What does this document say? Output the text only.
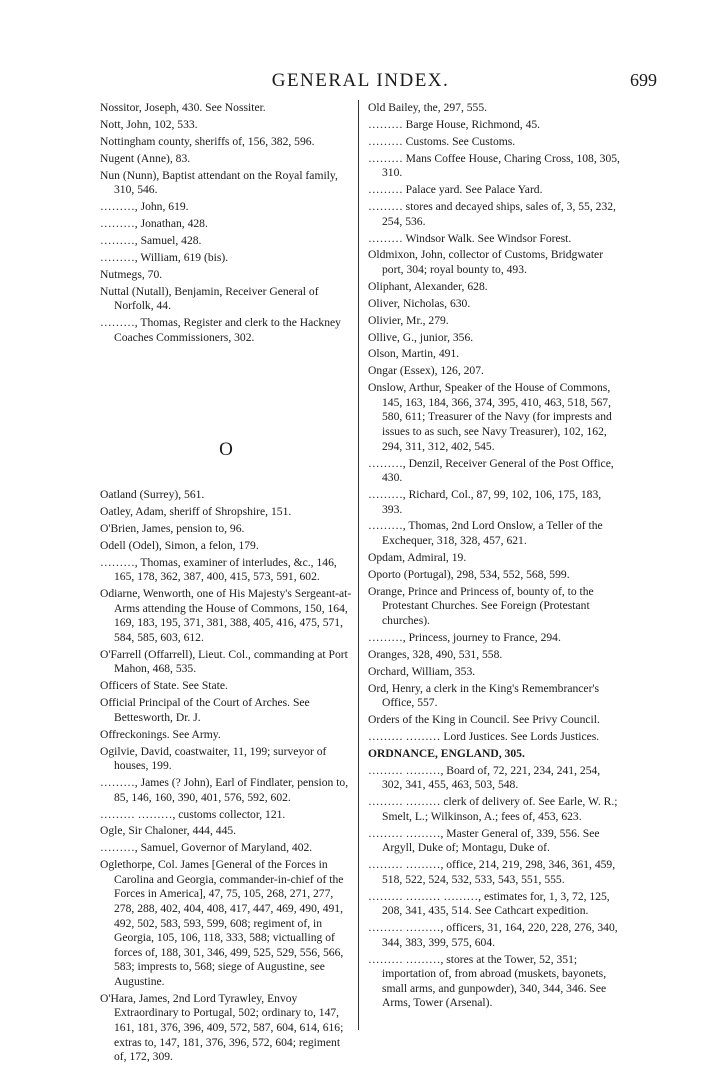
GENERAL INDEX.	699
Nossitor, Joseph, 430. See Nossiter.
Nott, John, 102, 533.
Nottingham county, sheriffs of, 156, 382, 596.
Nugent (Anne), 83.
Nun (Nunn), Baptist attendant on the Royal family, 310, 546.
………, John, 619.
………, Jonathan, 428.
………, Samuel, 428.
………, William, 619 (bis).
Nutmegs, 70.
Nuttal (Nutall), Benjamin, Receiver General of Norfolk, 44.
………, Thomas, Register and clerk to the Hackney Coaches Commissioners, 302.
O
Oatland (Surrey), 561.
Oatley, Adam, sheriff of Shropshire, 151.
O'Brien, James, pension to, 96.
Odell (Odel), Simon, a felon, 179.
………, Thomas, examiner of interludes, &c., 146, 165, 178, 362, 387, 400, 415, 573, 591, 602.
Odiarne, Wenworth, one of His Majesty's Sergeant-at-Arms attending the House of Commons, 150, 164, 169, 183, 195, 371, 381, 388, 405, 416, 475, 571, 584, 585, 603, 612.
O'Farrell (Offarrell), Lieut. Col., commanding at Port Mahon, 468, 535.
Officers of State. See State.
Official Principal of the Court of Arches. See Bettesworth, Dr. J.
Offreckonings. See Army.
Ogilvie, David, coastwaiter, 11, 199; surveyor of houses, 199.
………, James (? John), Earl of Findlater, pension to, 85, 146, 160, 390, 401, 576, 592, 602.
……… ………, customs collector, 121.
Ogle, Sir Chaloner, 444, 445.
………, Samuel, Governor of Maryland, 402.
Oglethorpe, Col. James [General of the Forces in Carolina and Georgia, commander-in-chief of the Forces in America], 47, 75, 105, 268, 271, 277, 278, 288, 402, 404, 408, 417, 447, 469, 490, 491, 492, 502, 583, 593, 599, 608; regiment of, in Georgia, 105, 106, 118, 333, 588; victualling of forces of, 188, 301, 346, 499, 525, 529, 556, 566, 583; imprests to, 568; siege of Augustine, see Augustine.
O'Hara, James, 2nd Lord Tyrawley, Envoy Extraordinary to Portugal, 502; ordinary to, 147, 161, 181, 376, 396, 409, 572, 587, 604, 614, 616; extras to, 147, 181, 376, 396, 572, 604; regiment of, 172, 309.
Old Bailey, the, 297, 555.
……… Barge House, Richmond, 45.
……… Customs. See Customs.
……… Mans Coffee House, Charing Cross, 108, 305, 310.
……… Palace yard. See Palace Yard.
……… stores and decayed ships, sales of, 3, 55, 232, 254, 536.
……… Windsor Walk. See Windsor Forest.
Oldmixon, John, collector of Customs, Bridgwater port, 304; royal bounty to, 493.
Oliphant, Alexander, 628.
Oliver, Nicholas, 630.
Olivier, Mr., 279.
Ollive, G., junior, 356.
Olson, Martin, 491.
Ongar (Essex), 126, 207.
Onslow, Arthur, Speaker of the House of Commons, 145, 163, 184, 366, 374, 395, 410, 463, 518, 567, 580, 611; Treasurer of the Navy (for imprests and issues to as such, see Navy Treasurer), 102, 162, 294, 311, 312, 402, 545.
………, Denzil, Receiver General of the Post Office, 430.
………, Richard, Col., 87, 99, 102, 106, 175, 183, 393.
………, Thomas, 2nd Lord Onslow, a Teller of the Exchequer, 318, 328, 457, 621.
Opdam, Admiral, 19.
Oporto (Portugal), 298, 534, 552, 568, 599.
Orange, Prince and Princess of, bounty of, to the Protestant Churches. See Foreign (Protestant churches).
………, Princess, journey to France, 294.
Oranges, 328, 490, 531, 558.
Orchard, William, 353.
Ord, Henry, a clerk in the King's Remembrancer's Office, 557.
Orders of the King in Council. See Privy Council.
……… ……… Lord Justices. See Lords Justices.
ORDNANCE, ENGLAND, 305.
……… ………, Board of, 72, 221, 234, 241, 254, 302, 341, 455, 463, 503, 548.
……… ……… clerk of delivery of. See Earle, W. R.; Smelt, L.; Wilkinson, A.; fees of, 453, 623.
……… ………, Master General of, 339, 556. See Argyll, Duke of; Montagu, Duke of.
……… ………, office, 214, 219, 298, 346, 361, 459, 518, 522, 524, 532, 533, 543, 551, 555.
……… ……… ………, estimates for, 1, 3, 72, 125, 208, 341, 435, 514. See Cathcart expedition.
……… ………, officers, 31, 164, 220, 228, 276, 340, 344, 383, 399, 575, 604.
……… ………, stores at the Tower, 52, 351; importation of, from abroad (muskets, bayonets, small arms, and gunpowder), 340, 344, 346. See Arms, Tower (Arsenal).
